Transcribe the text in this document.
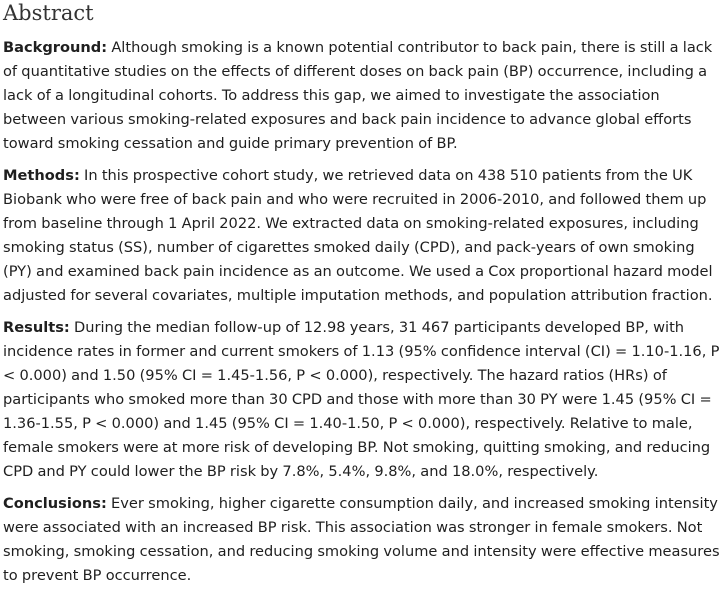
Abstract

Background: Although smoking is a known potential contributor to back pain, there is still a lack of quantitative studies on the effects of different doses on back pain (BP) occurrence, including a lack of a longitudinal cohorts. To address this gap, we aimed to investigate the association between various smoking-related exposures and back pain incidence to advance global efforts toward smoking cessation and guide primary prevention of BP.

Methods: In this prospective cohort study, we retrieved data on 438 510 patients from the UK Biobank who were free of back pain and who were recruited in 2006-2010, and followed them up from baseline through 1 April 2022. We extracted data on smoking-related exposures, including smoking status (SS), number of cigarettes smoked daily (CPD), and pack-years of own smoking (PY) and examined back pain incidence as an outcome. We used a Cox proportional hazard model adjusted for several covariates, multiple imputation methods, and population attribution fraction.

Results: During the median follow-up of 12.98 years, 31 467 participants developed BP, with incidence rates in former and current smokers of 1.13 (95% confidence interval (CI) = 1.10-1.16, P < 0.000) and 1.50 (95% CI = 1.45-1.56, P < 0.000), respectively. The hazard ratios (HRs) of participants who smoked more than 30 CPD and those with more than 30 PY were 1.45 (95% CI = 1.36-1.55, P < 0.000) and 1.45 (95% CI = 1.40-1.50, P < 0.000), respectively. Relative to male, female smokers were at more risk of developing BP. Not smoking, quitting smoking, and reducing CPD and PY could lower the BP risk by 7.8%, 5.4%, 9.8%, and 18.0%, respectively.

Conclusions: Ever smoking, higher cigarette consumption daily, and increased smoking intensity were associated with an increased BP risk. This association was stronger in female smokers. Not smoking, smoking cessation, and reducing smoking volume and intensity were effective measures to prevent BP occurrence.
